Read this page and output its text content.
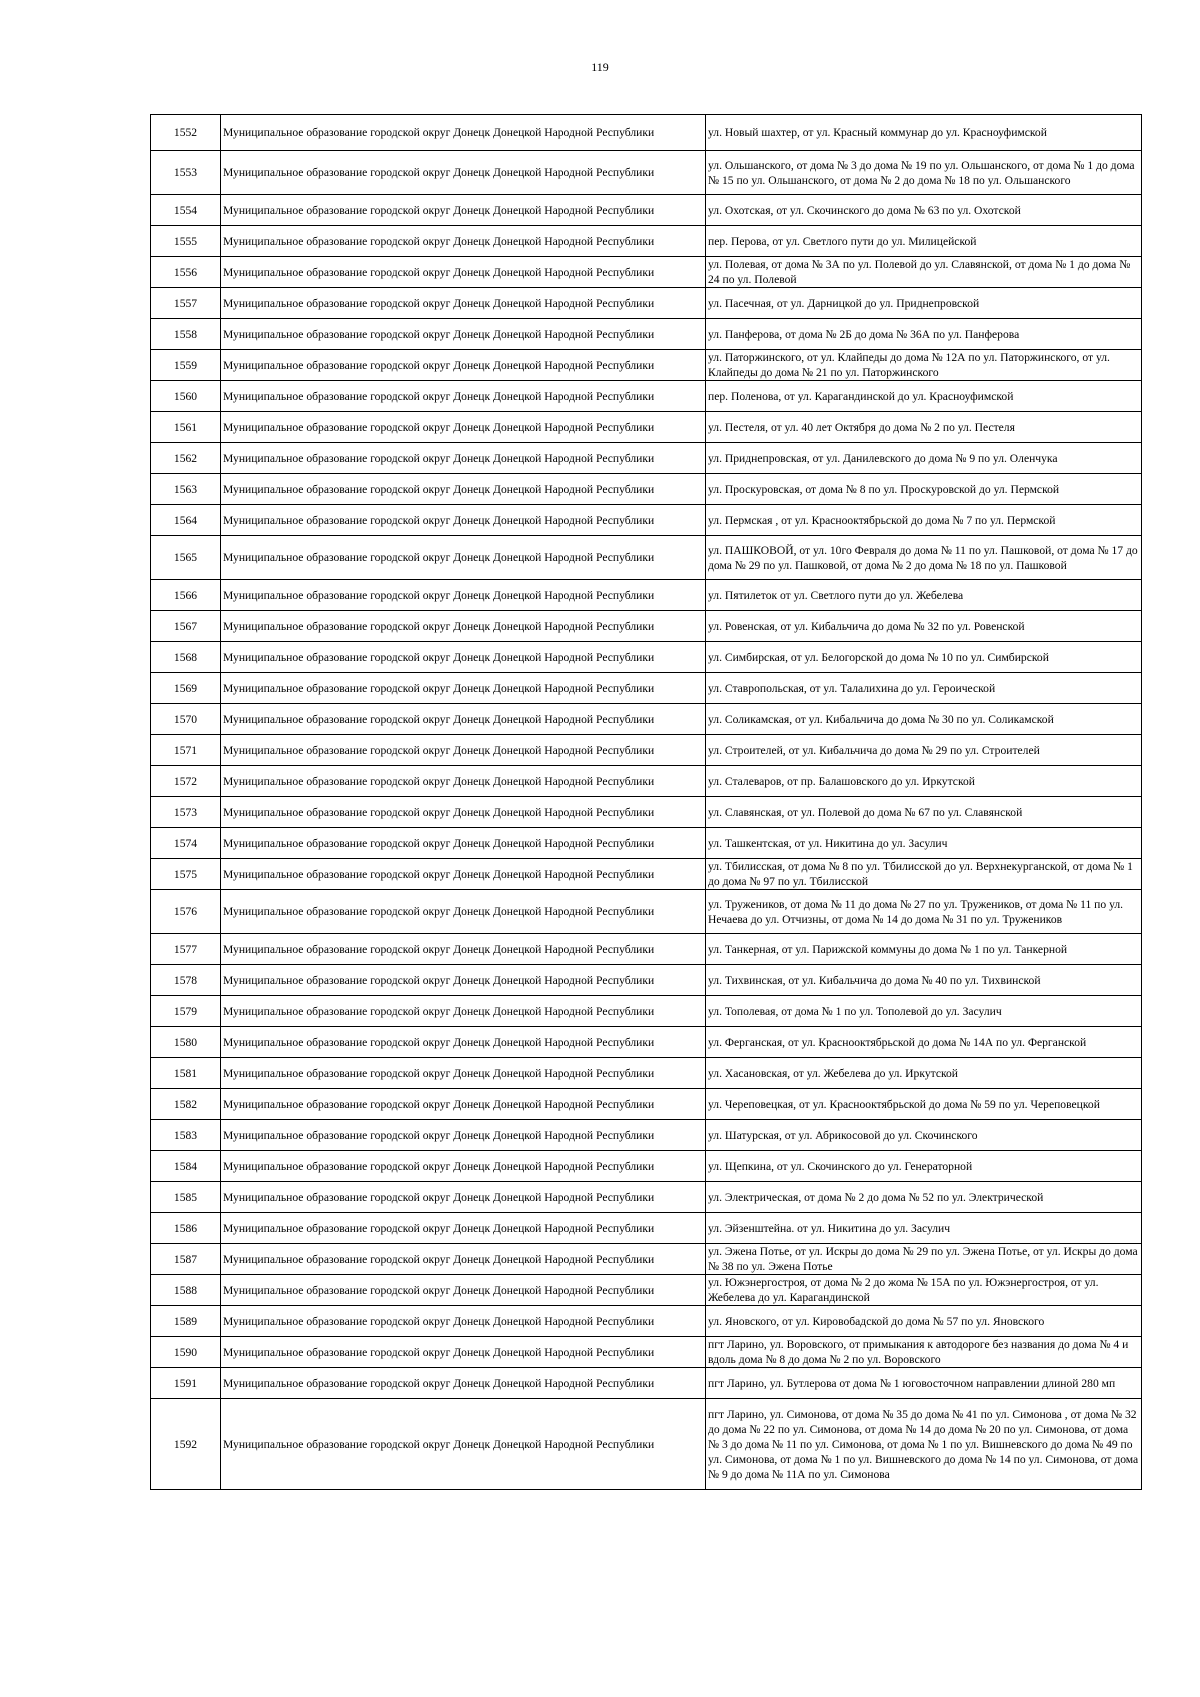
119
1552	Муниципальное образование городской округ Донецк Донецкой Народной Республики	ул. Новый шахтер, от ул. Красный коммунар до ул. Красноуфимской
1553	Муниципальное образование городской округ Донецк Донецкой Народной Республики	ул. Ольшанского, от дома № 3 до дома № 19 по ул. Ольшанского, от дома № 1 до дома № 15 по ул. Ольшанского, от дома № 2 до дома № 18 по ул. Ольшанского
1554	Муниципальное образование городской округ Донецк Донецкой Народной Республики	ул. Охотская, от ул. Скочинского до дома № 63 по ул. Охотской
1555	Муниципальное образование городской округ Донецк Донецкой Народной Республики	пер. Перова, от ул. Светлого пути до ул. Милицейской
1556	Муниципальное образование городской округ Донецк Донецкой Народной Республики	ул. Полевая, от дома № 3А по ул. Полевой до ул. Славянской, от дома № 1 до дома № 24 по ул. Полевой
1557	Муниципальное образование городской округ Донецк Донецкой Народной Республики	ул. Пасечная, от ул. Дарницкой до ул. Приднепровской
1558	Муниципальное образование городской округ Донецк Донецкой Народной Республики	ул. Панферова, от дома № 2Б до дома № 36А по ул. Панферова
1559	Муниципальное образование городской округ Донецк Донецкой Народной Республики	ул. Паторжинского, от ул. Клайпеды до дома № 12А по ул. Паторжинского, от ул. Клайпеды до дома № 21 по ул. Паторжинского
1560	Муниципальное образование городской округ Донецк Донецкой Народной Республики	пер. Поленова, от ул. Карагандинской до ул. Красноуфимской
1561	Муниципальное образование городской округ Донецк Донецкой Народной Республики	ул. Пестеля, от ул. 40 лет Октября до дома № 2 по ул. Пестеля
1562	Муниципальное образование городской округ Донецк Донецкой Народной Республики	ул. Приднепровская, от ул. Данилевского до дома № 9 по ул. Оленчука
1563	Муниципальное образование городской округ Донецк Донецкой Народной Республики	ул. Проскуровская, от дома № 8 по ул. Проскуровской до ул. Пермской
1564	Муниципальное образование городской округ Донецк Донецкой Народной Республики	ул. Пермская , от ул. Краснооктябрьской до дома № 7 по ул. Пермской
1565	Муниципальное образование городской округ Донецк Донецкой Народной Республики	ул. ПАШКОВОЙ, от ул. 10го Февраля до дома № 11 по ул. Пашковой, от дома № 17 до дома № 29 по ул. Пашковой, от дома № 2 до дома № 18 по ул. Пашковой
1566	Муниципальное образование городской округ Донецк Донецкой Народной Республики	ул. Пятилеток от ул. Светлого пути до ул. Жебелева
1567	Муниципальное образование городской округ Донецк Донецкой Народной Республики	ул. Ровенская, от ул. Кибальчича до дома № 32 по ул. Ровенской
1568	Муниципальное образование городской округ Донецк Донецкой Народной Республики	ул. Симбирская, от ул. Белогорской до дома № 10 по ул. Симбирской
1569	Муниципальное образование городской округ Донецк Донецкой Народной Республики	ул. Ставропольская, от ул. Талалихина до ул. Героической
1570	Муниципальное образование городской округ Донецк Донецкой Народной Республики	ул. Соликамская, от ул. Кибальчича до дома № 30 по ул. Соликамской
1571	Муниципальное образование городской округ Донецк Донецкой Народной Республики	ул. Строителей, от ул. Кибальчича до дома № 29 по ул. Строителей
1572	Муниципальное образование городской округ Донецк Донецкой Народной Республики	ул. Сталеваров, от пр. Балашовского до ул. Иркутской
1573	Муниципальное образование городской округ Донецк Донецкой Народной Республики	ул. Славянская, от ул. Полевой до дома № 67 по ул. Славянской
1574	Муниципальное образование городской округ Донецк Донецкой Народной Республики	ул. Ташкентская, от ул. Никитина до ул. Засулич
1575	Муниципальное образование городской округ Донецк Донецкой Народной Республики	ул. Тбилисская, от дома № 8 по ул. Тбилисской до ул. Верхнекурганской, от дома № 1 до дома № 97 по ул. Тбилисской
1576	Муниципальное образование городской округ Донецк Донецкой Народной Республики	ул. Тружеников, от дома № 11 до дома № 27 по ул. Тружеников, от дома № 11 по ул. Нечаева до ул. Отчизны, от дома № 14 до дома № 31 по ул. Тружеников
1577	Муниципальное образование городской округ Донецк Донецкой Народной Республики	ул. Танкерная, от ул. Парижской коммуны до дома № 1 по ул. Танкерной
1578	Муниципальное образование городской округ Донецк Донецкой Народной Республики	ул. Тихвинская, от ул. Кибальчича до дома № 40 по ул. Тихвинской
1579	Муниципальное образование городской округ Донецк Донецкой Народной Республики	ул. Тополевая, от дома № 1 по ул. Тополевой до ул. Засулич
1580	Муниципальное образование городской округ Донецк Донецкой Народной Республики	ул. Ферганская, от ул. Краснооктябрьской до дома № 14А по ул. Ферганской
1581	Муниципальное образование городской округ Донецк Донецкой Народной Республики	ул. Хасановская, от ул. Жебелева до ул. Иркутской
1582	Муниципальное образование городской округ Донецк Донецкой Народной Республики	ул. Череповецкая, от ул. Краснооктябрьской до дома № 59 по ул. Череповецкой
1583	Муниципальное образование городской округ Донецк Донецкой Народной Республики	ул. Шатурская, от ул. Абрикосовой до ул. Скочинского
1584	Муниципальное образование городской округ Донецк Донецкой Народной Республики	ул. Щепкина, от ул. Скочинского до ул. Генераторной
1585	Муниципальное образование городской округ Донецк Донецкой Народной Республики	ул. Электрическая, от дома № 2 до дома № 52 по ул. Электрической
1586	Муниципальное образование городской округ Донецк Донецкой Народной Республики	ул. Эйзенштейна. от ул. Никитина до ул. Засулич
1587	Муниципальное образование городской округ Донецк Донецкой Народной Республики	ул. Эжена Потье, от ул. Искры до дома № 29 по ул. Эжена Потье, от ул. Искры до дома № 38 по ул. Эжена Потье
1588	Муниципальное образование городской округ Донецк Донецкой Народной Республики	ул. Южэнергостроя, от дома № 2 до жома № 15А по ул. Южэнергостроя, от ул. Жебелева до ул. Карагандинской
1589	Муниципальное образование городской округ Донецк Донецкой Народной Республики	ул. Яновского, от ул. Кировобадской до дома № 57 по ул. Яновского
1590	Муниципальное образование городской округ Донецк Донецкой Народной Республики	пгт Ларино, ул. Воровского, от примыкания к автодороге без названия до дома № 4 и вдоль дома № 8 до дома № 2 по ул. Воровского
1591	Муниципальное образование городской округ Донецк Донецкой Народной Республики	пгт Ларино, ул. Бутлерова от дома № 1 юговосточном направлении длиной 280 мп
1592	Муниципальное образование городской округ Донецк Донецкой Народной Республики	пгт Ларино, ул. Симонова, от дома № 35 до дома № 41 по ул. Симонова , от дома № 32 до дома № 22 по ул. Симонова, от дома № 14 до дома № 20 по ул. Симонова, от дома № 3 до дома № 11 по ул. Симонова, от дома № 1 по ул. Вишневского до дома № 49 по ул. Симонова, от дома № 1 по ул. Вишневского до дома № 14 по ул. Симонова, от дома № 9 до дома № 11А по ул. Симонова
